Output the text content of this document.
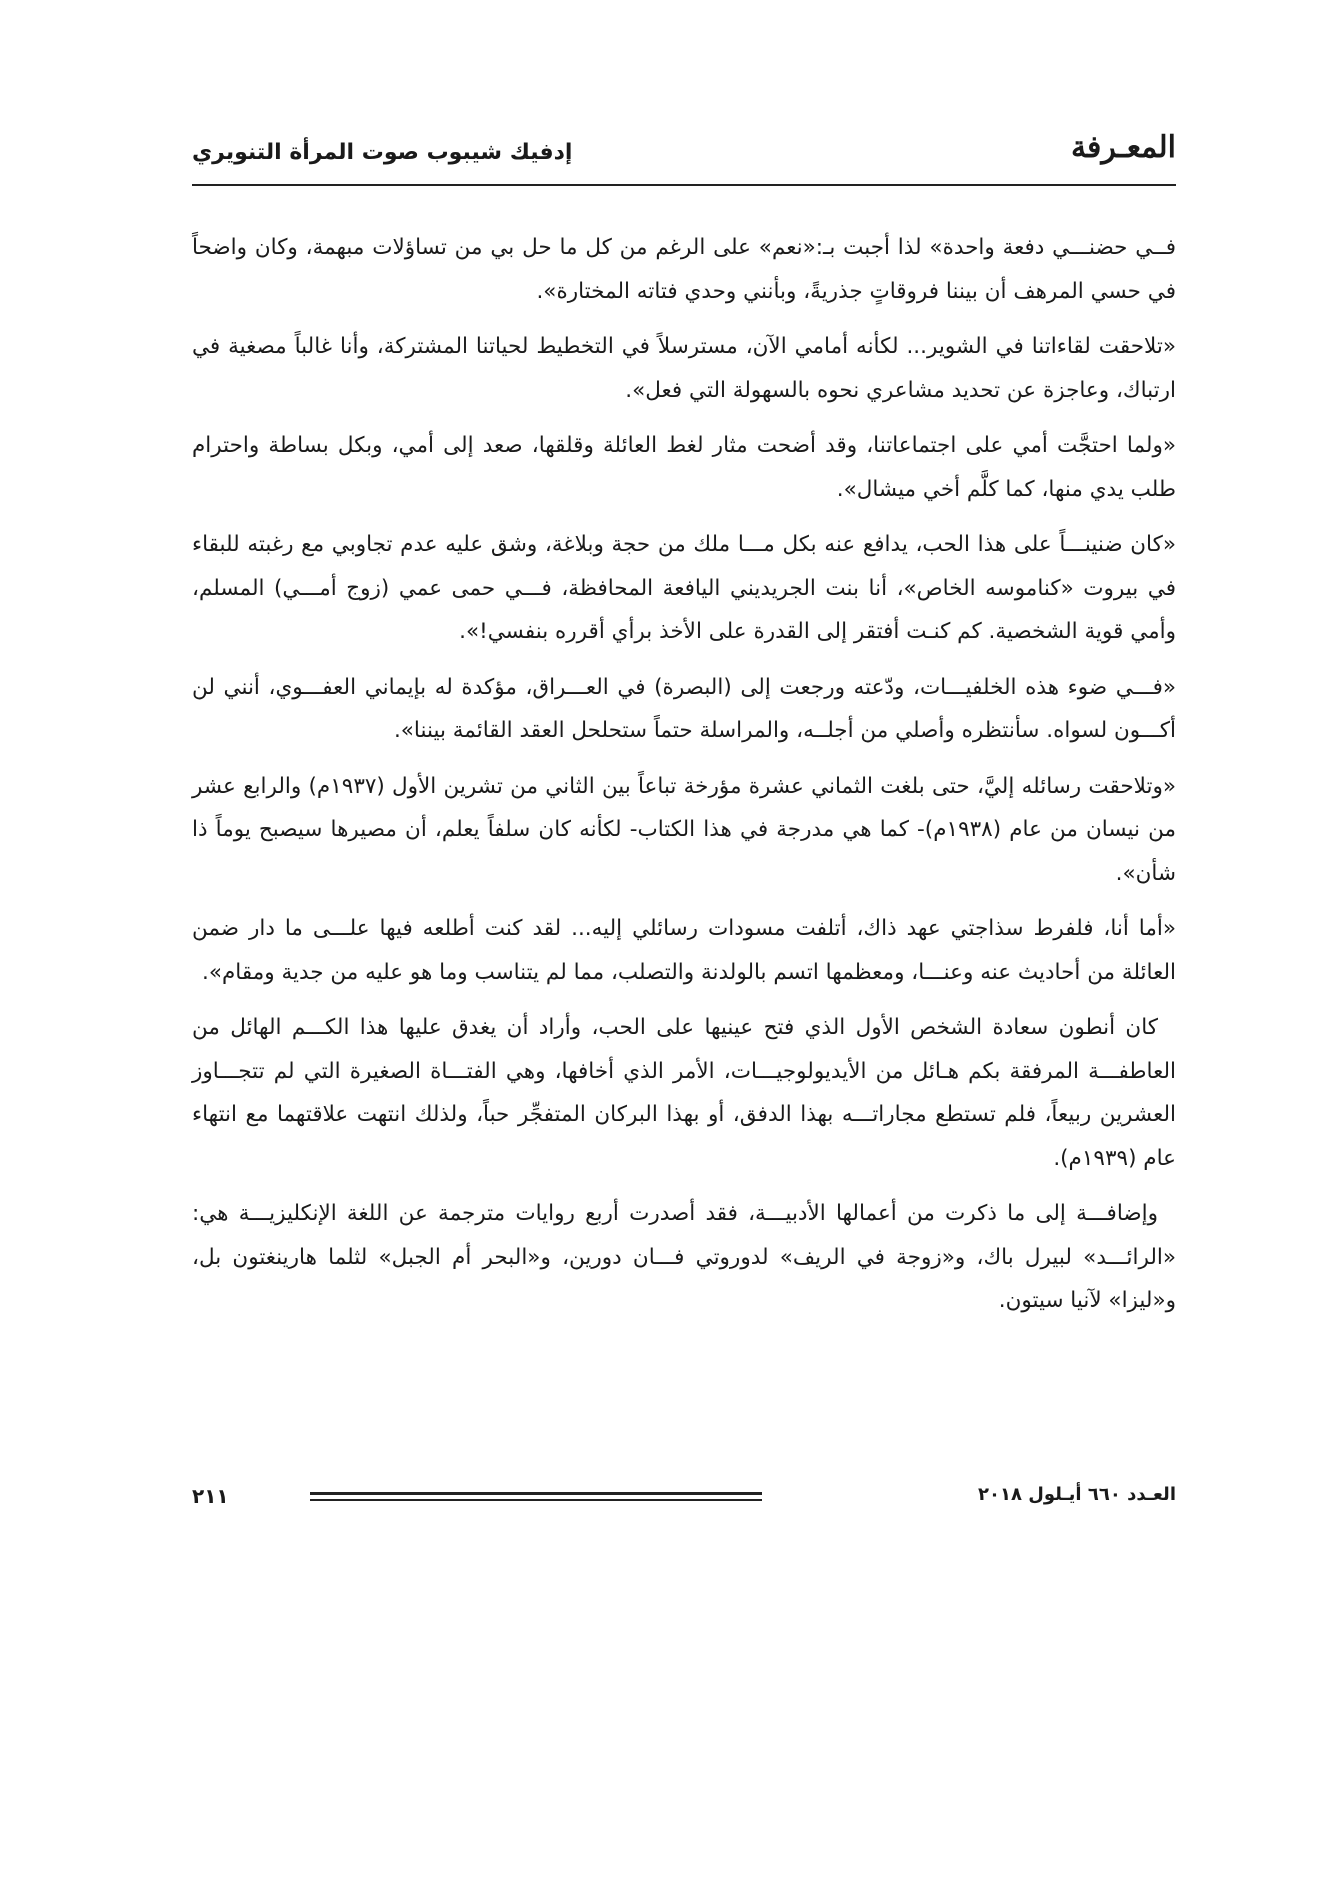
إدفيك شيبوب صوت المرأة التنويري	المعـرفة

فــي حضنـــي دفعة واحدة» لذا أجبت بـ:«نعم» على الرغم من كل ما حل بي من تساؤلات مبهمة، وكان واضحاً في حسي المرهف أن بيننا فروقاتٍ جذريةً، وبأنني وحدي فتاته المختارة».

«تلاحقت لقاءاتنا في الشوير... لكأنه أمامي الآن، مسترسلاً في التخطيط لحياتنا المشتركة، وأنا غالباً مصغية في ارتباك، وعاجزة عن تحديد مشاعري نحوه بالسهولة التي فعل».

«ولما احتجَّت أمي على اجتماعاتنا، وقد أضحت مثار لغط العائلة وقلقها، صعد إلى أمي، وبكل بساطة واحترام طلب يدي منها، كما كلَّم أخي ميشال».

«كان ضنينـــاً على هذا الحب، يدافع عنه بكل مـــا ملك من حجة وبلاغة، وشق عليه عدم تجاوبي مع رغبته للبقاء في بيروت «كناموسه الخاص»، أنا بنت الجريديني اليافعة المحافظة، فـــي حمى عمي (زوج أمـــي) المسلم، وأمي قوية الشخصية. كم كنـت أفتقر إلى القدرة على الأخذ برأي أقرره بنفسي!».

«فـــي ضوء هذه الخلفيـــات، ودّعته ورجعت إلى (البصرة) في العـــراق، مؤكدة له بإيماني العفـــوي، أنني لن أكـــون لسواه. سأنتظره وأصلي من أجلــه، والمراسلة حتماً ستحلحل العقد القائمة بيننا».

«وتلاحقت رسائله إليَّ، حتى بلغت الثماني عشرة مؤرخة تباعاً بين الثاني من تشرين الأول (١٩٣٧م) والرابع عشر من نيسان من عام (١٩٣٨م)- كما هي مدرجة في هذا الكتاب- لكأنه كان سلفاً يعلم، أن مصيرها سيصبح يوماً ذا شأن».

«أما أنا، فلفرط سذاجتي عهد ذاك، أتلفت مسودات رسائلي إليه... لقد كنت أطلعه فيها علـــى ما دار ضمن العائلة من أحاديث عنه وعنـــا، ومعظمها اتسم بالولدنة والتصلب، مما لم يتناسب وما هو عليه من جدية ومقام».

كان أنطون سعادة الشخص الأول الذي فتح عينيها على الحب، وأراد أن يغدق عليها هذا الكـــم الهائل من العاطفـــة المرفقة بكم هـائل من الأيديولوجيـــات، الأمر الذي أخافها، وهي الفتـــاة الصغيرة التي لم تتجـــاوز العشرين ربيعاً، فلم تستطع مجاراتـــه بهذا الدفق، أو بهذا البركان المتفجِّر حباً، ولذلك انتهت علاقتهما مع انتهاء عام (١٩٣٩م).

وإضافـــة إلى ما ذكرت من أعمالها الأدبيـــة، فقد أصدرت أربع روايات مترجمة عن اللغة الإنكليزيـــة هي: «الرائـــد» لبيرل باك، و«زوجة في الريف» لدوروتي فـــان دورين، و«البحر أم الجبل» لثلما هارينغتون بل، و«ليزا» لآنيا سيتون.

٢١١	العـدد ٦٦٠ أيـلول ٢٠١٨
